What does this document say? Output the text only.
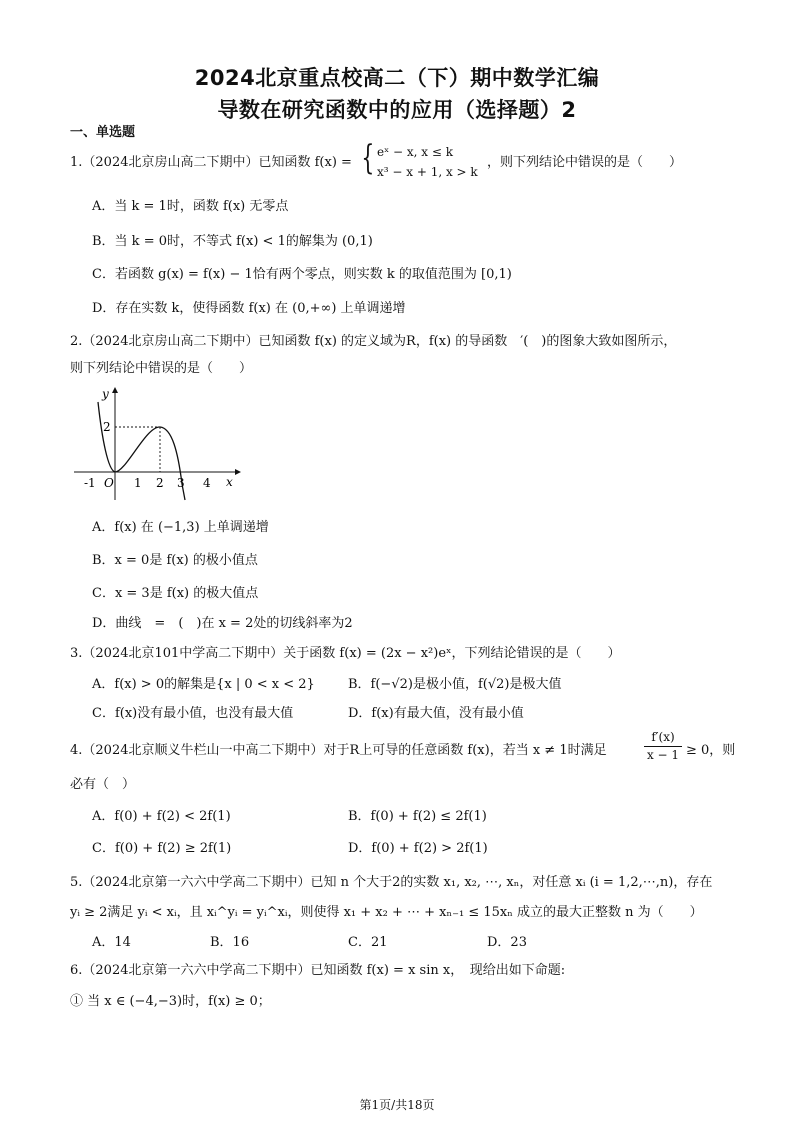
2024北京重点校高二（下）期中数学汇编
导数在研究函数中的应用（选择题）2
一、单选题
1.（2024北京房山高二下期中）已知函数 f(x) = { eˣ − x, x ≤ k
x³ − x + 1, x > k
，则下列结论中错误的是（　　）
A．当 k = 1时，函数 f(x) 无零点
B．当 k = 0时，不等式 f(x) < 1的解集为 (0,1)
C．若函数 g(x) = f(x) − 1恰有两个零点，则实数 k 的取值范围为 [0,1)
D．存在实数 k，使得函数 f(x) 在 (0,+∞) 上单调递增
2.（2024北京房山高二下期中）已知函数 f(x) 的定义域为R，f(x) 的导函数　′(　)的图象大致如图所示，
则下列结论中错误的是（　　）
y
x
2
O
-1	1 2 3 4
A．f(x) 在 (−1,3) 上单调递增
B．x = 0是 f(x) 的极小值点
C．x = 3是 f(x) 的极大值点
D．曲线　=　(　)在 x = 2处的切线斜率为2
3.（2024北京101中学高二下期中）关于函数 f(x) = (2x − x²)eˣ，下列结论错误的是（　　）
A．f(x) > 0的解集是{x | 0 < x < 2}	B．f(−√2)是极小值，f(√2)是极大值
C．f(x)没有最小值，也没有最大值	D．f(x)有最大值，没有最小值
4.（2024北京顺义牛栏山一中高二下期中）对于R上可导的任意函数 f(x)，若当 x ≠ 1时满足
f′(x)
x − 1 ≥ 0，则
必有（　）
A．f(0) + f(2) < 2f(1)	B．f(0) + f(2) ≤ 2f(1)
C．f(0) + f(2) ≥ 2f(1)	D．f(0) + f(2) > 2f(1)
5.（2024北京第一六六中学高二下期中）已知 n 个大于2的实数 x₁, x₂, ⋯, xₙ，对任意 xᵢ (i = 1,2,⋯,n)，存在
yᵢ ≥ 2满足 yᵢ < xᵢ，且 xᵢ^yᵢ = yᵢ^xᵢ，则使得 x₁ + x₂ + ⋯ + xₙ₋₁ ≤ 15xₙ 成立的最大正整数 n 为（　　）
A．14	B．16	C．21	D．23
6.（2024北京第一六六中学高二下期中）已知函数 f(x) = x sin x，　现给出如下命题:
① 当 x ∈ (−4,−3)时，f(x) ≥ 0；
第1页/共18页
